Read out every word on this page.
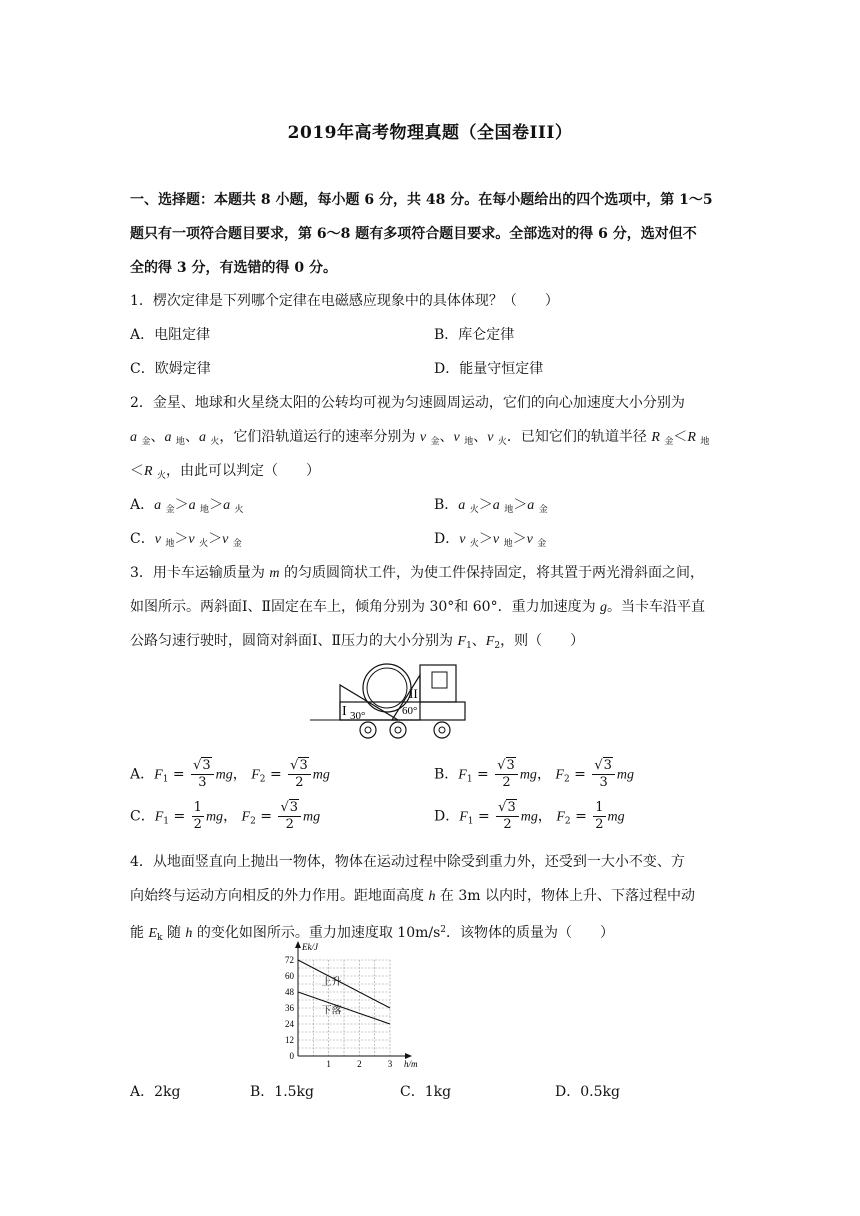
2019年高考物理真题（全国卷III）
一、选择题：本题共 8 小题，每小题 6 分，共 48 分。在每小题给出的四个选项中，第 1～5
题只有一项符合题目要求，第 6～8 题有多项符合题目要求。全部选对的得 6 分，选对但不
全的得 3 分，有选错的得 0 分。
1．楞次定律是下列哪个定律在电磁感应现象中的具体体现？（　　）
A．电阻定律	B．库仑定律
C．欧姆定律	D．能量守恒定律
2．金星、地球和火星绕太阳的公转均可视为匀速圆周运动，它们的向心加速度大小分别为
a $_金$、a $_地$、a $_火$，它们沿轨道运行的速率分别为 v $_金$、v $_地$、v $_火$．已知它们的轨道半径 R $_金$＜R $_地$
＜R $_火$，由此可以判定（　　）
A．a $_金$＞a $_地$＞a $_火$	B．a $_火$＞a $_地$＞a $_金$
C．v $_地$＞v $_火$＞v $_金$	D．v $_火$＞v $_地$＞v $_金$
3．用卡车运输质量为 m 的匀质圆筒状工件，为使工件保持固定，将其置于两光滑斜面之间，
如图所示。两斜面Ⅰ、Ⅱ固定在车上，倾角分别为 30°和 60°．重力加速度为 g。当卡车沿平直
公路匀速行驶时，圆筒对斜面Ⅰ、Ⅱ压力的大小分别为 $F_1$、$F_2$，则（　　）
I 30°
II
60°
A．$F_1 = \frac{√3}{3}$ mg， $F_2 = \frac{√3}{2}$ mg	B．$F_1 = \frac{√3}{2}$ mg， $F_2 = \frac{√3}{3}$ mg
C．$F_1 = \frac{1}{2}$ mg， $F_2 = \frac{√3}{2}$ mg	D．$F_1 = \frac{√3}{2}$ mg， $F_2 = \frac{1}{2}$ mg
4．从地面竖直向上抛出一物体，物体在运动过程中除受到重力外，还受到一大小不变、方
向始终与运动方向相反的外力作用。距地面高度 h 在 3m 以内时，物体上升、下落过程中动
能 $E_k$ 随 h 的变化如图所示。重力加速度取 $10m/s^2$．该物体的质量为（　　）
0
12
24
36
48
60
72
1	2	3
Ek/J
h/m
上升
下落
A．2kg	B．1.5kg	C．1kg	D．0.5kg
